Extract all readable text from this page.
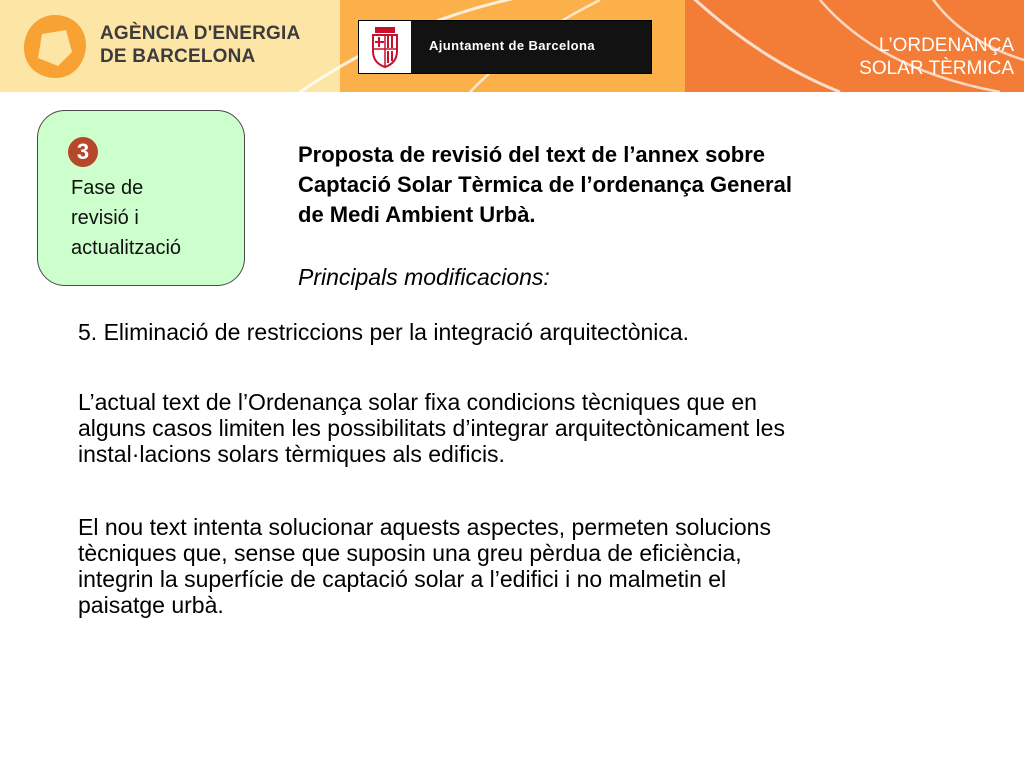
AGÈNCIA D'ENERGIA
DE BARCELONA
Ajuntament de Barcelona	L’ORDENANÇA
SOLAR TÈRMICA
3
Fase de
revisió i
actualització
Proposta de revisió del text de l’annex sobre
Captació Solar Tèrmica de l’ordenança General
de Medi Ambient Urbà.
Principals modificacions:
5. Eliminació de restriccions per la integració arquitectònica.
L’actual text de l’Ordenança solar fixa condicions tècniques que en
alguns casos limiten les possibilitats d’integrar arquitectònicament les
instal·lacions solars tèrmiques als edificis.
El nou text intenta solucionar aquests aspectes, permeten solucions
tècniques que, sense que suposin una greu pèrdua de eficiència,
integrin la superfície de captació solar a l’edifici i no malmetin el
paisatge urbà.
